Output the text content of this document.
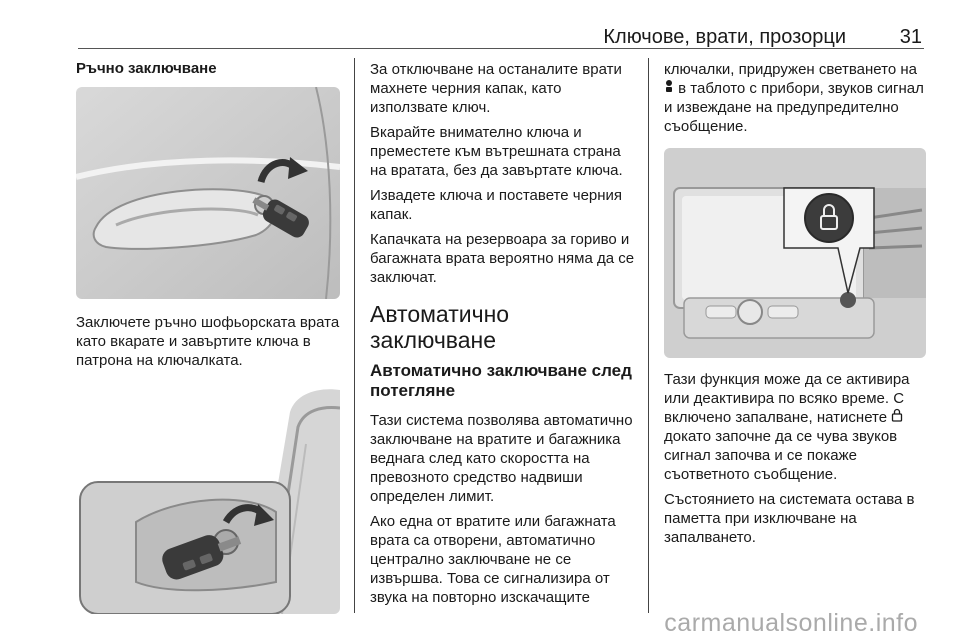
Ключове, врати, прозорци	31
Ръчно заключване

Заключете ръчно шофьорската врата като вкарате и завъртите ключа в патрона на ключалката.

За отключване на останалите врати махнете черния капак, като използвате ключ.

Вкарайте внимателно ключа и преместете към вътрешната страна на вратата, без да завъртате ключа.

Извадете ключа и поставете черния капак.

Капачката на резервоара за гориво и багажната врата вероятно няма да се заключат.

Автоматично заключване
Автоматично заключване след потегляне

Тази система позволява автоматично заключване на вратите и багажника веднага след като скоростта на превозното средство надвиши определен лимит.

Ако една от вратите или багажната врата са отворени, автоматично централно заключване не се извършва. Това се сигнализира от звука на повторно изскачащите

ключалки, придружен светването на  в таблото с прибори, звуков сигнал и извеждане на предупредително съобщение.

Тази функция може да се активира или деактивира по всяко време. С включено запалване, натиснете  докато започне да се чува звуков сигнал започва и се покаже съответното съобщение.

Състоянието на системата остава в паметта при изключване на запалването.

carmanualsonline.info
